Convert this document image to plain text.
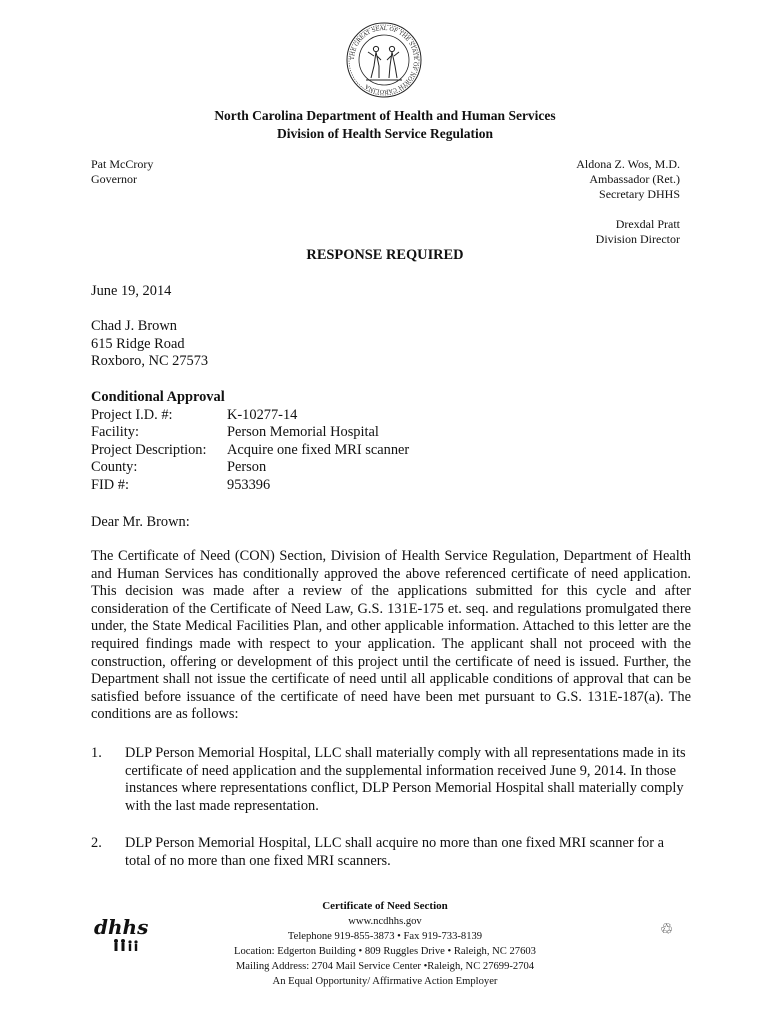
THE GREAT SEAL OF THE STATE OF NORTH CAROLINA
North Carolina Department of Health and Human Services
Division of Health Service Regulation
Pat McCrory
Governor
Aldona Z. Wos, M.D.
Ambassador (Ret.)
Secretary DHHS
Drexdal Pratt
Division Director
RESPONSE REQUIRED
June 19, 2014
Chad J. Brown
615 Ridge Road
Roxboro, NC 27573
Conditional Approval
Project I.D. #:	K-10277-14
Facility:	Person Memorial Hospital
Project Description:	Acquire one fixed MRI scanner
County:	Person
FID #:	953396
Dear Mr. Brown:
The Certificate of Need (CON) Section, Division of Health Service Regulation, Department of Health and Human Services has conditionally approved the above referenced certificate of need application. This decision was made after a review of the applications submitted for this cycle and after consideration of the Certificate of Need Law, G.S. 131E-175 et. seq. and regulations promulgated there under, the State Medical Facilities Plan, and other applicable information. Attached to this letter are the required findings made with respect to your application. The applicant shall not proceed with the construction, offering or development of this project until the certificate of need is issued. Further, the Department shall not issue the certificate of need until all applicable conditions of approval that can be satisfied before issuance of the certificate of need have been met pursuant to G.S. 131E-187(a). The conditions are as follows:
1.	DLP Person Memorial Hospital, LLC shall materially comply with all representations made in its certificate of need application and the supplemental information received June 9, 2014. In those instances where representations conflict, DLP Person Memorial Hospital shall materially comply with the last made representation.
2.	DLP Person Memorial Hospital, LLC shall acquire no more than one fixed MRI scanner for a total of no more than one fixed MRI scanners.
dhhs
Certificate of Need Section
www.ncdhhs.gov
Telephone 919-855-3873 • Fax 919-733-8139
Location: Edgerton Building • 809 Ruggles Drive • Raleigh, NC 27603
Mailing Address: 2704 Mail Service Center •Raleigh, NC 27699-2704
An Equal Opportunity/ Affirmative Action Employer
♲
